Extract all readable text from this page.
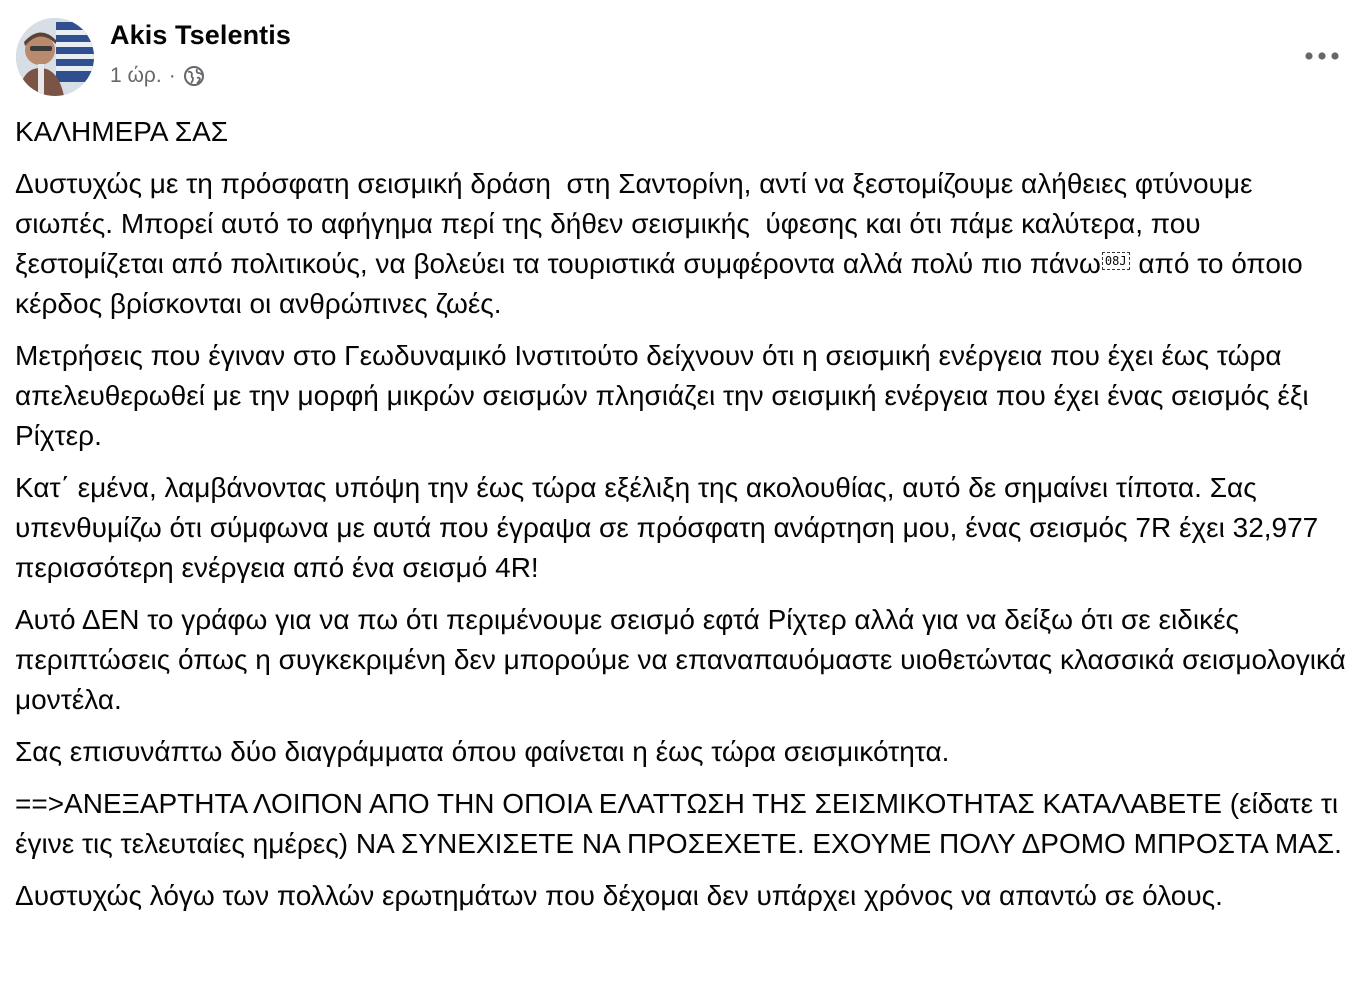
Akis Tselentis
1 ώρ. ·

ΚΑΛΗΜΕΡΑ ΣΑΣ

Δυστυχώς με τη πρόσφατη σεισμική δράση  στη Σαντορίνη, αντί να ξεστομίζουμε αλήθειες φτύνουμε σιωπές. Μπορεί αυτό το αφήγημα περί της δήθεν σεισμικής  ύφεσης και ότι πάμε καλύτερα, που ξεστομίζεται από πολιτικούς, να βολεύει τα τουριστικά συμφέροντα αλλά πολύ πιο πάνω 08J από το όποιο κέρδος βρίσκονται οι ανθρώπινες ζωές.

Μετρήσεις που έγιναν στο Γεωδυναμικό Ινστιτούτο δείχνουν ότι η σεισμική ενέργεια που έχει έως τώρα απελευθερωθεί με την μορφή μικρών σεισμών πλησιάζει την σεισμική ενέργεια που έχει ένας σεισμός έξι Ρίχτερ.

Κατ΄ εμένα, λαμβάνοντας υπόψη την έως τώρα εξέλιξη της ακολουθίας, αυτό δε σημαίνει τίποτα. Σας υπενθυμίζω ότι σύμφωνα με αυτά που έγραψα σε πρόσφατη ανάρτηση μου, ένας σεισμός 7R έχει 32,977 περισσότερη ενέργεια από ένα σεισμό 4R!

Αυτό ΔΕΝ το γράφω για να πω ότι περιμένουμε σεισμό εφτά Ρίχτερ αλλά για να δείξω ότι σε ειδικές περιπτώσεις όπως η συγκεκριμένη δεν μπορούμε να επαναπαυόμαστε υιοθετώντας κλασσικά σεισμολογικά μοντέλα.

Σας επισυνάπτω δύο διαγράμματα όπου φαίνεται η έως τώρα σεισμικότητα.

==>ΑΝΕΞΑΡΤΗΤΑ ΛΟΙΠΟΝ ΑΠΟ ΤΗΝ ΟΠΟΙΑ ΕΛΑΤΤΩΣΗ ΤΗΣ ΣΕΙΣΜΙΚΟΤΗΤΑΣ ΚΑΤΑΛΑΒΕΤΕ (είδατε τι έγινε τις τελευταίες ημέρες) ΝΑ ΣΥΝΕΧΙΣΕΤΕ ΝΑ ΠΡΟΣΕΧΕΤΕ. ΕΧΟΥΜΕ ΠΟΛΥ ΔΡΟΜΟ ΜΠΡΟΣΤΑ ΜΑΣ.

Δυστυχώς λόγω των πολλών ερωτημάτων που δέχομαι δεν υπάρχει χρόνος να απαντώ σε όλους.
